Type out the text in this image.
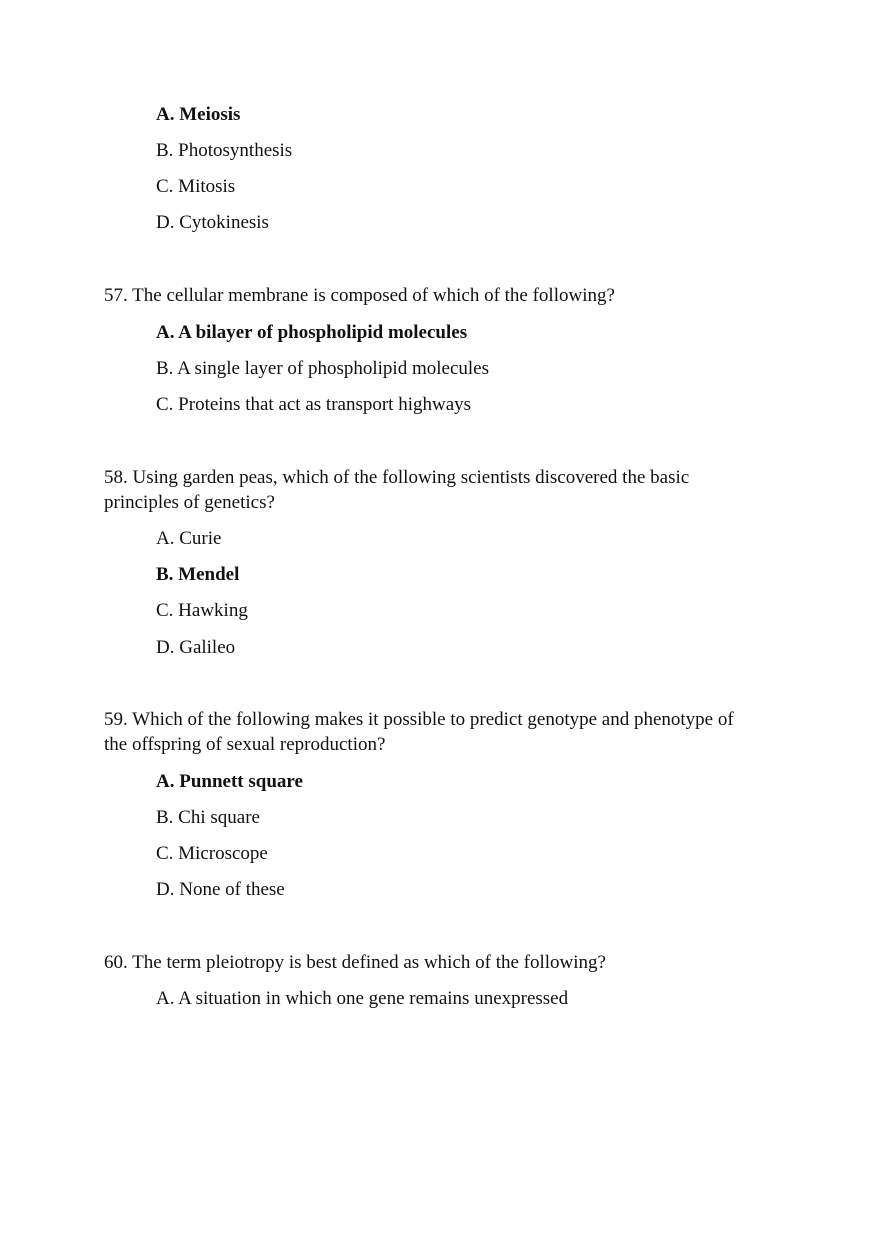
A. Meiosis
B. Photosynthesis
C. Mitosis
D. Cytokinesis
57. The cellular membrane is composed of which of the following?
A. A bilayer of phospholipid molecules
B. A single layer of phospholipid molecules
C. Proteins that act as transport highways
58. Using garden peas, which of the following scientists discovered the basic
principles of genetics?
A. Curie
B. Mendel
C. Hawking
D. Galileo
59. Which of the following makes it possible to predict genotype and phenotype of
the offspring of sexual reproduction?
A. Punnett square
B. Chi square
C. Microscope
D. None of these
60. The term pleiotropy is best defined as which of the following?
A. A situation in which one gene remains unexpressed
